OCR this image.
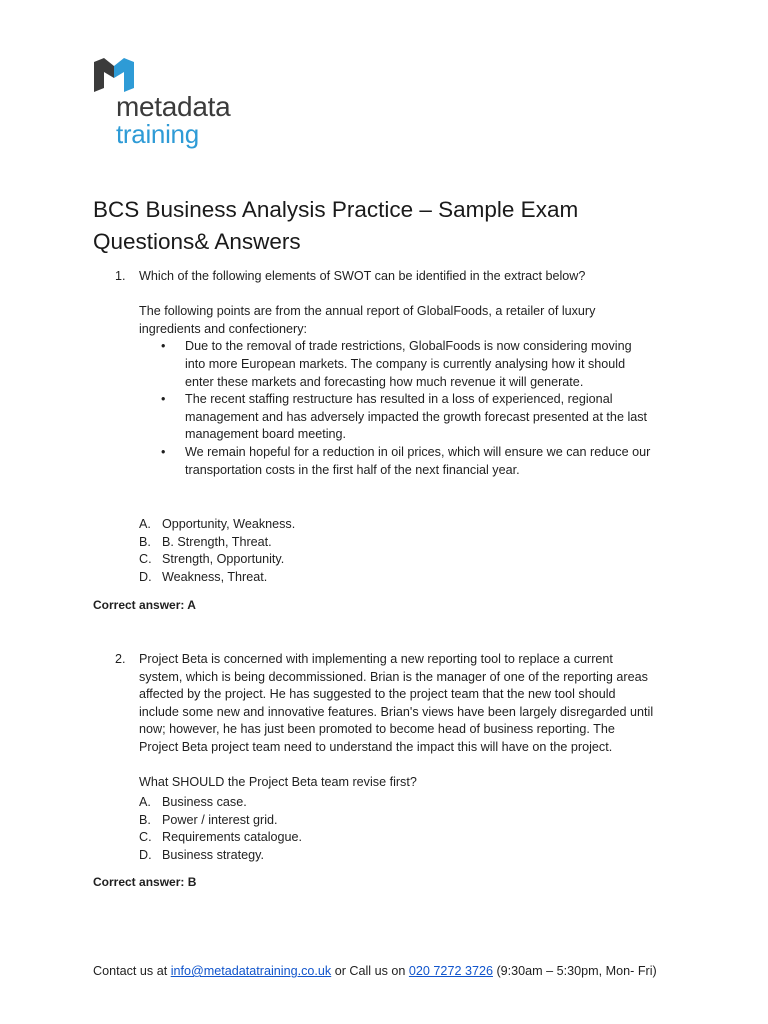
metadata
training
BCS Business Analysis Practice – Sample Exam
Questions& Answers
1. Which of the following elements of SWOT can be identified in the extract below?
The following points are from the annual report of GlobalFoods, a retailer of luxury
ingredients and confectionery:
• Due to the removal of trade restrictions, GlobalFoods is now considering moving
into more European markets. The company is currently analysing how it should
enter these markets and forecasting how much revenue it will generate.
• The recent staffing restructure has resulted in a loss of experienced, regional
management and has adversely impacted the growth forecast presented at the last
management board meeting.
• We remain hopeful for a reduction in oil prices, which will ensure we can reduce our
transportation costs in the first half of the next financial year.
A. Opportunity, Weakness.
B. B. Strength, Threat.
C. Strength, Opportunity.
D. Weakness, Threat.
Correct answer: A
2. Project Beta is concerned with implementing a new reporting tool to replace a current
system, which is being decommissioned. Brian is the manager of one of the reporting areas
affected by the project. He has suggested to the project team that the new tool should
include some new and innovative features. Brian's views have been largely disregarded until
now; however, he has just been promoted to become head of business reporting. The
Project Beta project team need to understand the impact this will have on the project.
What SHOULD the Project Beta team revise first?
A. Business case.
B. Power / interest grid.
C. Requirements catalogue.
D. Business strategy.
Correct answer: B
Contact us at info@metadatatraining.co.uk or Call us on 020 7272 3726 (9:30am – 5:30pm, Mon- Fri)
